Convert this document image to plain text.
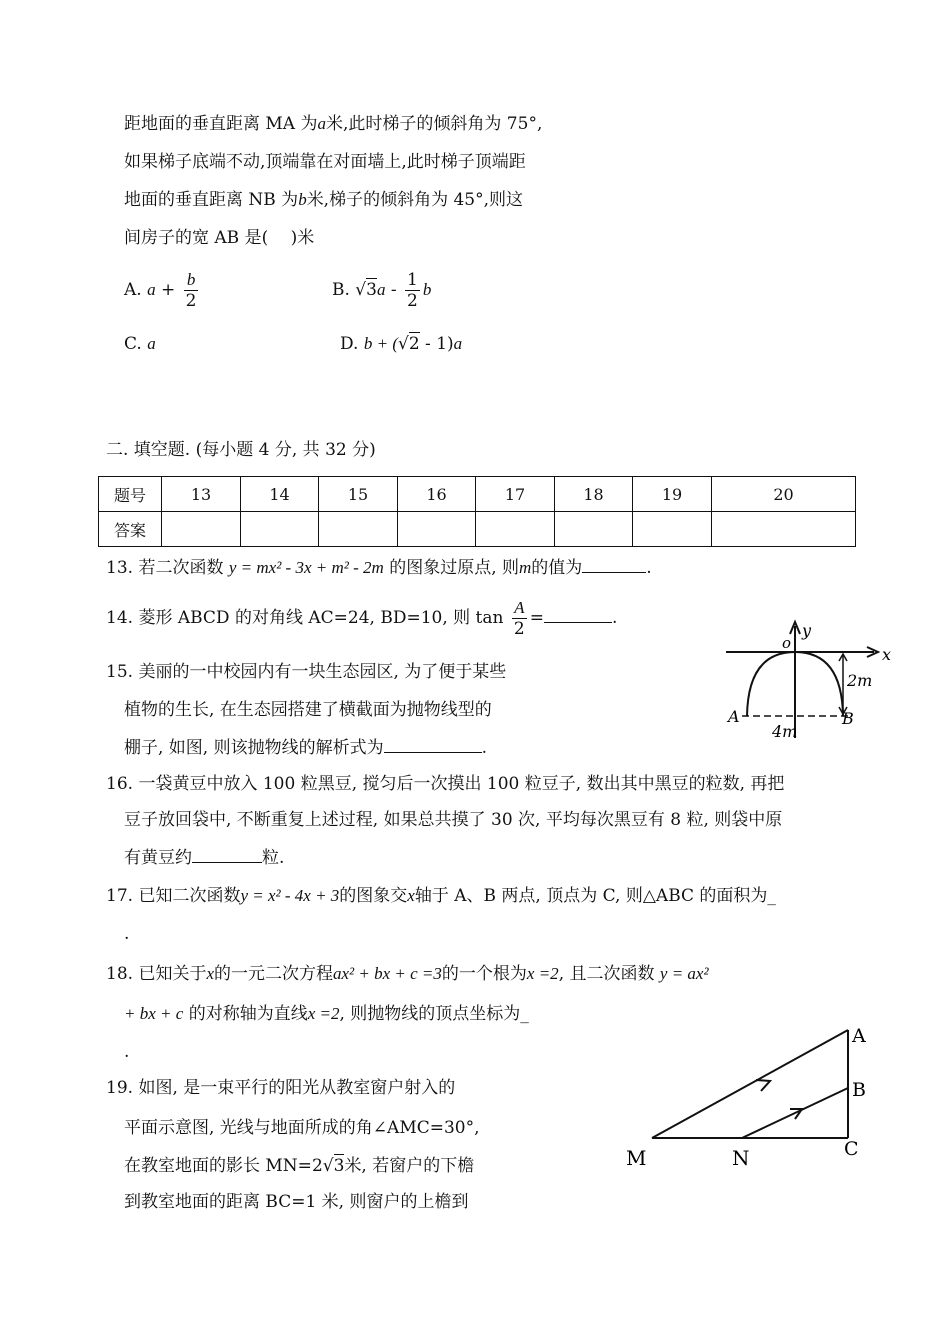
距地面的垂直距离 MA 为a米,此时梯子的倾斜角为 75°,
如果梯子底端不动,顶端靠在对面墙上,此时梯子顶端距
地面的垂直距离 NB 为b米,梯子的倾斜角为 45°,则这
间房子的宽 AB 是(　 )米
A. $a + \frac{b}{2}$	B. $√3a - \frac{1}{2}$ b
C. a	D. b + (√2 - 1)a
二. 填空题. (每小题 4 分, 共 32 分)
题号	13	14	15	16	17	18	19	20
答案								
13. 若二次函数 y = mx² - 3x + m² - 2m 的图象过原点, 则m的值为	.
14. 菱形 ABCD 的对角线 AC=24, BD=10, 则 $\tan \frac{A}{2}$ =	.
15. 美丽的一中校园内有一块生态园区, 为了便于某些
植物的生长, 在生态园搭建了横截面为抛物线型的
棚子, 如图, 则该抛物线的解析式为	.
o
y
x
2m
4m
A	B
16. 一袋黄豆中放入 100 粒黑豆, 搅匀后一次摸出 100 粒豆子, 数出其中黑豆的粒数, 再把
豆子放回袋中, 不断重复上述过程, 如果总共摸了 30 次, 平均每次黑豆有 8 粒, 则袋中原
有黄豆约	粒.
17. 已知二次函数y = x² - 4x + 3的图象交x轴于 A、B 两点, 顶点为 C, 则△ABC 的面积为_
.
18. 已知关于x的一元二次方程ax² + bx + c =3的一个根为x =2, 且二次函数 y = ax²
+ bx + c 的对称轴为直线x =2, 则抛物线的顶点坐标为_
.
19. 如图, 是一束平行的阳光从教室窗户射入的
平面示意图, 光线与地面所成的角∠AMC=30°,
在教室地面的影长 MN=2√3米, 若窗户的下檐
到教室地面的距离 BC=1 米, 则窗户的上檐到
A
B
C
M	N
